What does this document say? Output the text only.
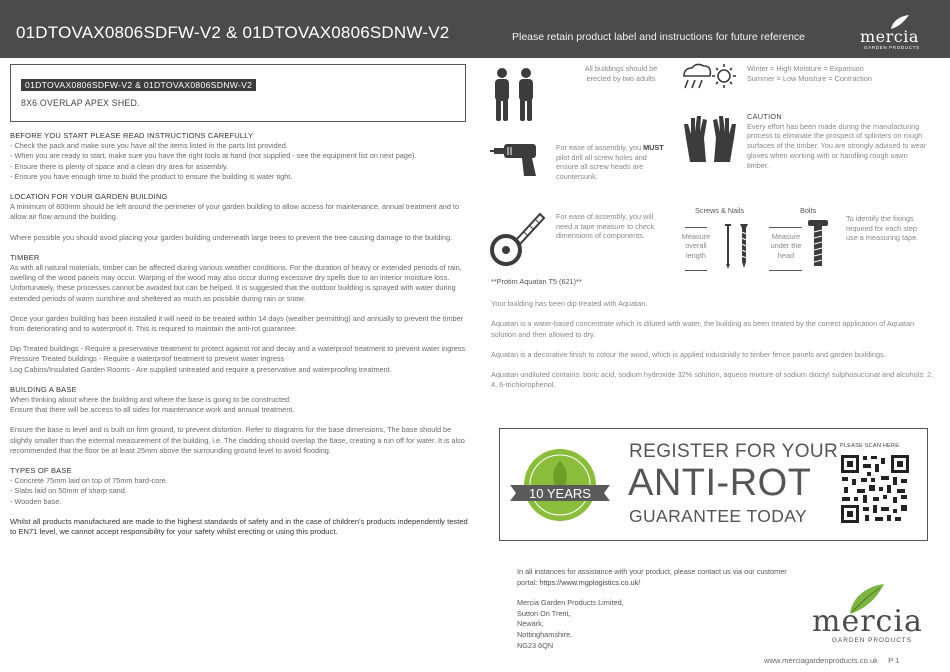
01DTOVAX0806SDFW-V2 & 01DTOVAX0806SDNW-V2	Please retain product label and instructions for future reference	mercia
GARDEN PRODUCTS
01DTOVAX0806SDFW-V2 & 01DTOVAX0806SDNW-V2
8X6 OVERLAP APEX SHED.
BEFORE YOU START PLEASE READ INSTRUCTIONS CAREFULLY

- Check the pack and make sure you have all the items listed in the parts list provided.

- When you are ready to start, make sure you have the right tools at hand (not supplied - see the equipment list on next page).

- Ensure there is plenty of space and a clean dry area for assembly.

- Ensure you have enough time to build the product to ensure the building is water tight.

LOCATION FOR YOUR GARDEN BUILDING

A minimum of 600mm should be left around the perimeter of your garden building to allow access for maintenance, annual treatment and to allow air flow around the building.

Where possible you should avoid placing your garden building underneath large trees to prevent the tree causing damage to the building.

TIMBER

As with all natural materials, timber can be affected during various weather conditions. For the duration of heavy or extended periods of rain, swelling of the wood panels may occur. Warping of the wood may also occur during excessive dry spells due to an interior moisture loss. Unfortunately, these processes cannot be avoided but can be helped. It is suggested that the outdoor building is sprayed with water during extended periods of warm sunshine and sheltered as much as possible during rain or snow.

Once your garden building has been installed it will need to be treated within 14 days (weather permitting) and annually to prevent the timber from deteriorating and to waterproof it. This is required to maintain the anti-rot guarantee.

Dip Treated buildings - Require a preservative treatment to protect against rot and decay and a waterproof treatment to prevent water ingress

Pressure Treated buildings - Require a waterproof treatment to prevent water ingress

Log Cabins/Insulated Garden Rooms - Are supplied untreated and require a preservative and waterproofing treatment.

BUILDING A BASE

When thinking about where the building and where the base is going to be constructed:

Ensure that there will be access to all sides for maintenance work and annual treatment.

Ensure the base is level and is built on firm ground, to prevent distortion. Refer to diagrams for the base dimensions, The base should be slightly smaller than the external measurement of the building, i.e. The cladding should overlap the base, creating a run off for water. It is also recommended that the floor be at least 25mm above the surrounding ground level to avoid flooding.

TYPES OF BASE

- Concrete 75mm laid on top of 75mm hard-core.

- Slabs laid on 50mm of sharp sand.

- Wooden base.

Whilst all products manufactured are made to the highest standards of safety and in the case of children's products independently tested to EN71 level, we cannot accept responsibility for your safety whilst erecting or using this product.

All buildings should be erected by two adults
For ease of assembly, you MUST pilot drill all screw holes and ensure all screw heads are countersunk.
For ease of assembly, you will need a tape measure to check dimensions of components.
Winter = High Moisture = Expansion
Summer = Low Moisture = Contraction
CAUTION
Every effort has been made during the manufacturing process to eliminate the prospect of splinters on rough surfaces of the timber. You are strongly advised to wear gloves when working with or handling rough sawn timber.
Screws & Nails	Bolts
Measure overall length
Measure under the head
To identify the fixings required for each step use a measuring tape.
**Protim Aquatan T5 (621)**
Your building has been dip treated with Aquatan.
Aquatan is a water-based concentrate which is diluted with water, the building as been treated by the correct application of Aquatan solution and then allowed to dry.
Aquatan is a decorative finish to colour the wood, which is applied industrially to timber fence panels and garden buildings.
Aquatan undiluted contains: boric acid, sodium hydroxide 32% solution, aqueos mixture of sodium dioctyl sulphosuccinat and alcohols: 2, 4, 6-trichlorophenol.
10 YEARS
REGISTER FOR YOUR
ANTI-ROT
GUARANTEE TODAY
PLEASE SCAN HERE:
In all instances for assistance with your product, please contact us via our customer
portal: https://www.mgplogistics.co.uk/
Mercia Garden Products Limited,
Sutton On Trent,
Newark,
Nottinghamshire,
NG23 6QN
mercia
GARDEN PRODUCTS
www.merciagardenproducts.co.uk P 1
